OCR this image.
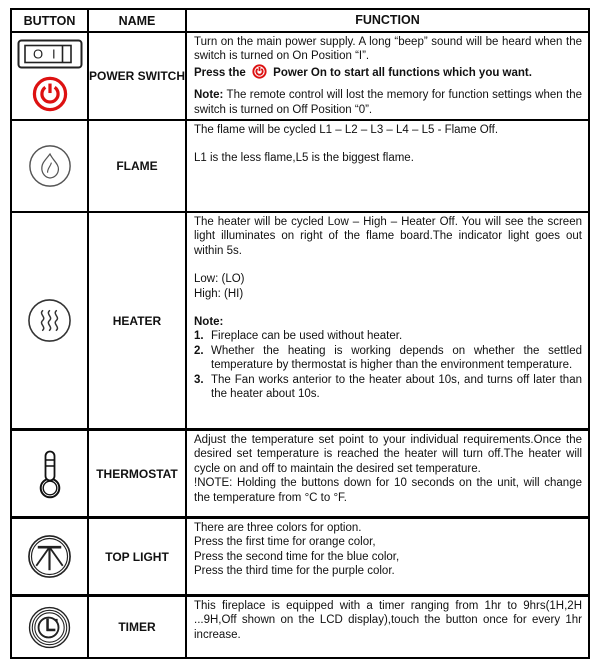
BUTTON	NAME	FUNCTION
O I
POWER SWITCH

Turn on the main power supply. A long “beep” sound will be heard when the switch is turned on On Position “I”.

Press the
Power On to start all functions which you want.

Note: The remote control will lost the memory for function settings when the switch is turned on Off Position “0”.

FLAME

The flame will be cycled L1 – L2 – L3 – L4 – L5 - Flame Off.

L1 is the less flame,L5 is the biggest flame.

HEATER

The heater will be cycled Low – High – Heater Off. You will see the screen light illuminates on right of the flame board.The indicator light goes out within 5s.

Low: (LO)

High: (HI)

Note:

1. Fireplace can be used without heater.
2. Whether the heating is working depends on whether the settled temperature by thermostat is higher than the environment temperature.
3. The Fan works anterior to the heater about 10s, and turns off later than the heater about 10s.
THERMOSTAT

Adjust the temperature set point to your individual requirements.Once the desired set temperature is reached the heater will turn off.The heater will cycle on and off to maintain the desired set temperature.

!NOTE: Holding the buttons down for 10 seconds on the unit, will change the temperature from °C to °F.

TOP LIGHT

There are three colors for option.

Press the first time for orange color,

Press the second time for the blue color,

Press the third time for the purple color.

TIMER

This fireplace is equipped with a timer ranging from 1hr to 9hrs(1H,2H ...9H,Off shown on the LCD display),touch the button once for every 1hr increase.
